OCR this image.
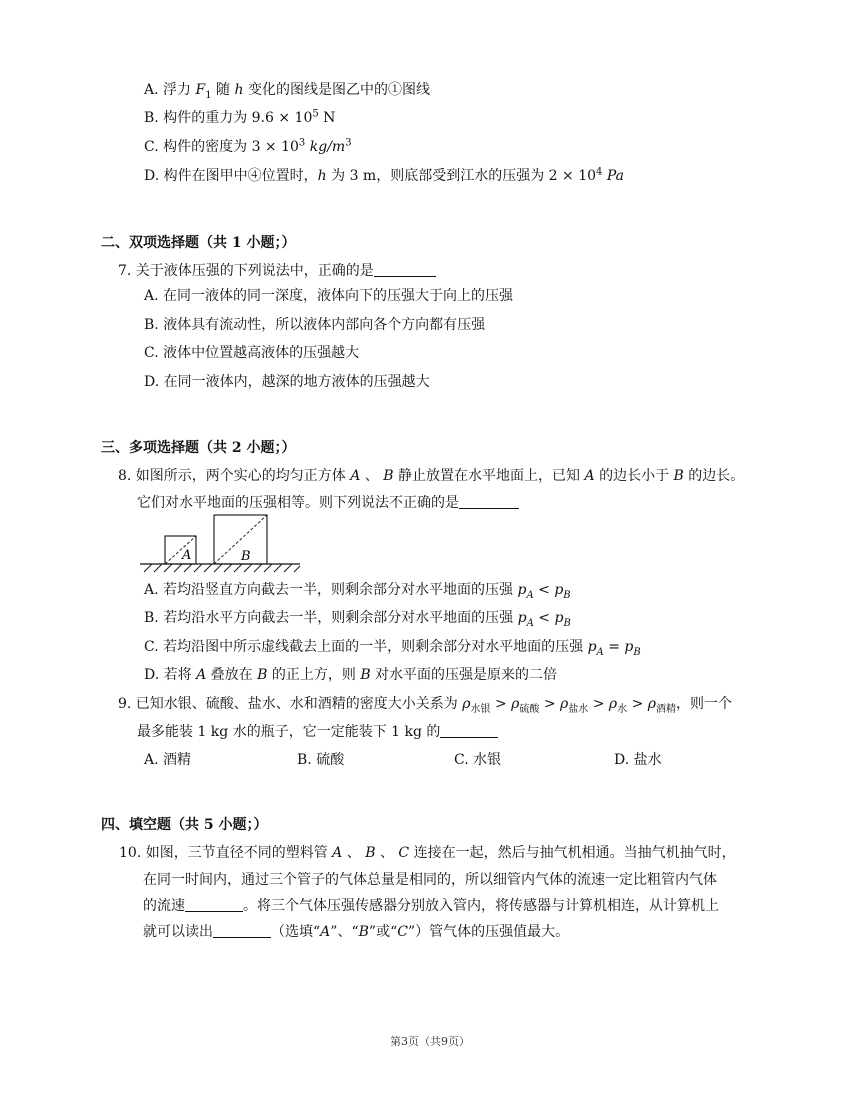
A. 浮力 $F_1$ 随 h 变化的图线是图乙中的①图线
B. 构件的重力为 $9.6 \times 10^5$ N
C. 构件的密度为 $3 \times 10^3$ $kg/m^3$
D. 构件在图甲中④位置时，h 为 3 m，则底部受到江水的压强为 $2 \times 10^4$ Pa
二、双项选择题（共 1 小题；）
7. 关于液体压强的下列说法中，正确的是
A. 在同一液体的同一深度，液体向下的压强大于向上的压强
B. 液体具有流动性，所以液体内部向各个方向都有压强
C. 液体中位置越高液体的压强越大
D. 在同一液体内，越深的地方液体的压强越大
三、多项选择题（共 2 小题；）
8. 如图所示，两个实心的均匀正方体 A 、 B 静止放置在水平地面上，已知 A 的边长小于 B 的边长。
它们对水平地面的压强相等。则下列说法不正确的是
A	B
A. 若均沿竖直方向截去一半，则剩余部分对水平地面的压强 $p_A < p_B$
B. 若均沿水平方向截去一半，则剩余部分对水平地面的压强 $p_A < p_B$
C. 若均沿图中所示虚线截去上面的一半，则剩余部分对水平地面的压强 $p_A = p_B$
D. 若将 A 叠放在 B 的正上方，则 B 对水平面的压强是原来的二倍
9. 已知水银、硫酸、盐水、水和酒精的密度大小关系为 $\rho_{水银} > \rho_{硫酸} > \rho_{盐水} > \rho_水 > \rho_{酒精}$，则一个
最多能装 1 kg 水的瓶子，它一定能装下 1 kg 的
A. 酒精	B. 硫酸	C. 水银	D. 盐水
四、填空题（共 5 小题；）
10. 如图，三节直径不同的塑料管 A 、 B 、 C 连接在一起，然后与抽气机相通。当抽气机抽气时，
在同一时间内，通过三个管子的气体总量是相同的，所以细管内气体的流速一定比粗管内气体
的流速	。将三个气体压强传感器分别放入管内，将传感器与计算机相连，从计算机上
就可以读出	（选填“A”、“B”或“C”）管气体的压强值最大。
第3页（共9页）
